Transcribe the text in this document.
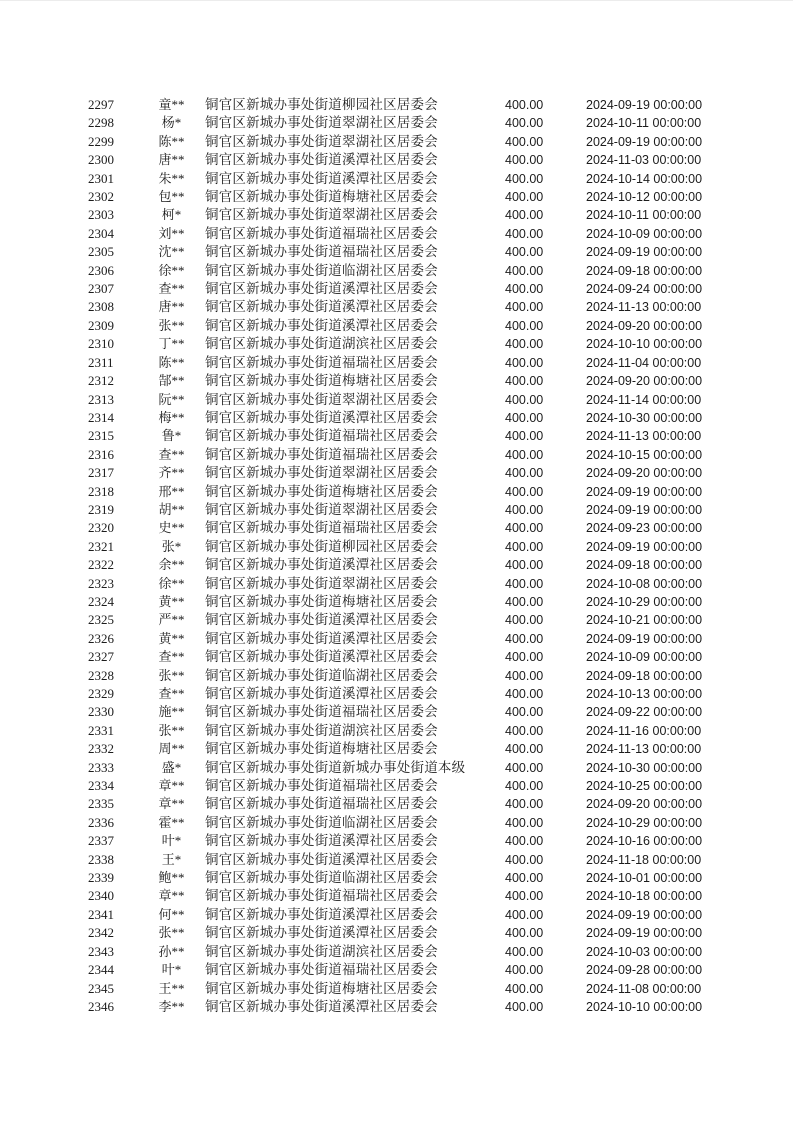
2297	童**	铜官区新城办事处街道柳园社区居委会	400.00	2024-09-19 00:00:00
2298	杨*	铜官区新城办事处街道翠湖社区居委会	400.00	2024-10-11 00:00:00
2299	陈**	铜官区新城办事处街道翠湖社区居委会	400.00	2024-09-19 00:00:00
2300	唐**	铜官区新城办事处街道溪潭社区居委会	400.00	2024-11-03 00:00:00
2301	朱**	铜官区新城办事处街道溪潭社区居委会	400.00	2024-10-14 00:00:00
2302	包**	铜官区新城办事处街道梅塘社区居委会	400.00	2024-10-12 00:00:00
2303	柯*	铜官区新城办事处街道翠湖社区居委会	400.00	2024-10-11 00:00:00
2304	刘**	铜官区新城办事处街道福瑞社区居委会	400.00	2024-10-09 00:00:00
2305	沈**	铜官区新城办事处街道福瑞社区居委会	400.00	2024-09-19 00:00:00
2306	徐**	铜官区新城办事处街道临湖社区居委会	400.00	2024-09-18 00:00:00
2307	查**	铜官区新城办事处街道溪潭社区居委会	400.00	2024-09-24 00:00:00
2308	唐**	铜官区新城办事处街道溪潭社区居委会	400.00	2024-11-13 00:00:00
2309	张**	铜官区新城办事处街道溪潭社区居委会	400.00	2024-09-20 00:00:00
2310	丁**	铜官区新城办事处街道湖滨社区居委会	400.00	2024-10-10 00:00:00
2311	陈**	铜官区新城办事处街道福瑞社区居委会	400.00	2024-11-04 00:00:00
2312	郜**	铜官区新城办事处街道梅塘社区居委会	400.00	2024-09-20 00:00:00
2313	阮**	铜官区新城办事处街道翠湖社区居委会	400.00	2024-11-14 00:00:00
2314	梅**	铜官区新城办事处街道溪潭社区居委会	400.00	2024-10-30 00:00:00
2315	鲁*	铜官区新城办事处街道福瑞社区居委会	400.00	2024-11-13 00:00:00
2316	查**	铜官区新城办事处街道福瑞社区居委会	400.00	2024-10-15 00:00:00
2317	齐**	铜官区新城办事处街道翠湖社区居委会	400.00	2024-09-20 00:00:00
2318	邢**	铜官区新城办事处街道梅塘社区居委会	400.00	2024-09-19 00:00:00
2319	胡**	铜官区新城办事处街道翠湖社区居委会	400.00	2024-09-19 00:00:00
2320	史**	铜官区新城办事处街道福瑞社区居委会	400.00	2024-09-23 00:00:00
2321	张*	铜官区新城办事处街道柳园社区居委会	400.00	2024-09-19 00:00:00
2322	余**	铜官区新城办事处街道溪潭社区居委会	400.00	2024-09-18 00:00:00
2323	徐**	铜官区新城办事处街道翠湖社区居委会	400.00	2024-10-08 00:00:00
2324	黄**	铜官区新城办事处街道梅塘社区居委会	400.00	2024-10-29 00:00:00
2325	严**	铜官区新城办事处街道溪潭社区居委会	400.00	2024-10-21 00:00:00
2326	黄**	铜官区新城办事处街道溪潭社区居委会	400.00	2024-09-19 00:00:00
2327	查**	铜官区新城办事处街道溪潭社区居委会	400.00	2024-10-09 00:00:00
2328	张**	铜官区新城办事处街道临湖社区居委会	400.00	2024-09-18 00:00:00
2329	查**	铜官区新城办事处街道溪潭社区居委会	400.00	2024-10-13 00:00:00
2330	施**	铜官区新城办事处街道福瑞社区居委会	400.00	2024-09-22 00:00:00
2331	张**	铜官区新城办事处街道湖滨社区居委会	400.00	2024-11-16 00:00:00
2332	周**	铜官区新城办事处街道梅塘社区居委会	400.00	2024-11-13 00:00:00
2333	盛*	铜官区新城办事处街道新城办事处街道本级	400.00	2024-10-30 00:00:00
2334	章**	铜官区新城办事处街道福瑞社区居委会	400.00	2024-10-25 00:00:00
2335	章**	铜官区新城办事处街道福瑞社区居委会	400.00	2024-09-20 00:00:00
2336	霍**	铜官区新城办事处街道临湖社区居委会	400.00	2024-10-29 00:00:00
2337	叶*	铜官区新城办事处街道溪潭社区居委会	400.00	2024-10-16 00:00:00
2338	王*	铜官区新城办事处街道溪潭社区居委会	400.00	2024-11-18 00:00:00
2339	鲍**	铜官区新城办事处街道临湖社区居委会	400.00	2024-10-01 00:00:00
2340	章**	铜官区新城办事处街道福瑞社区居委会	400.00	2024-10-18 00:00:00
2341	何**	铜官区新城办事处街道溪潭社区居委会	400.00	2024-09-19 00:00:00
2342	张**	铜官区新城办事处街道溪潭社区居委会	400.00	2024-09-19 00:00:00
2343	孙**	铜官区新城办事处街道湖滨社区居委会	400.00	2024-10-03 00:00:00
2344	叶*	铜官区新城办事处街道福瑞社区居委会	400.00	2024-09-28 00:00:00
2345	王**	铜官区新城办事处街道梅塘社区居委会	400.00	2024-11-08 00:00:00
2346	李**	铜官区新城办事处街道溪潭社区居委会	400.00	2024-10-10 00:00:00
